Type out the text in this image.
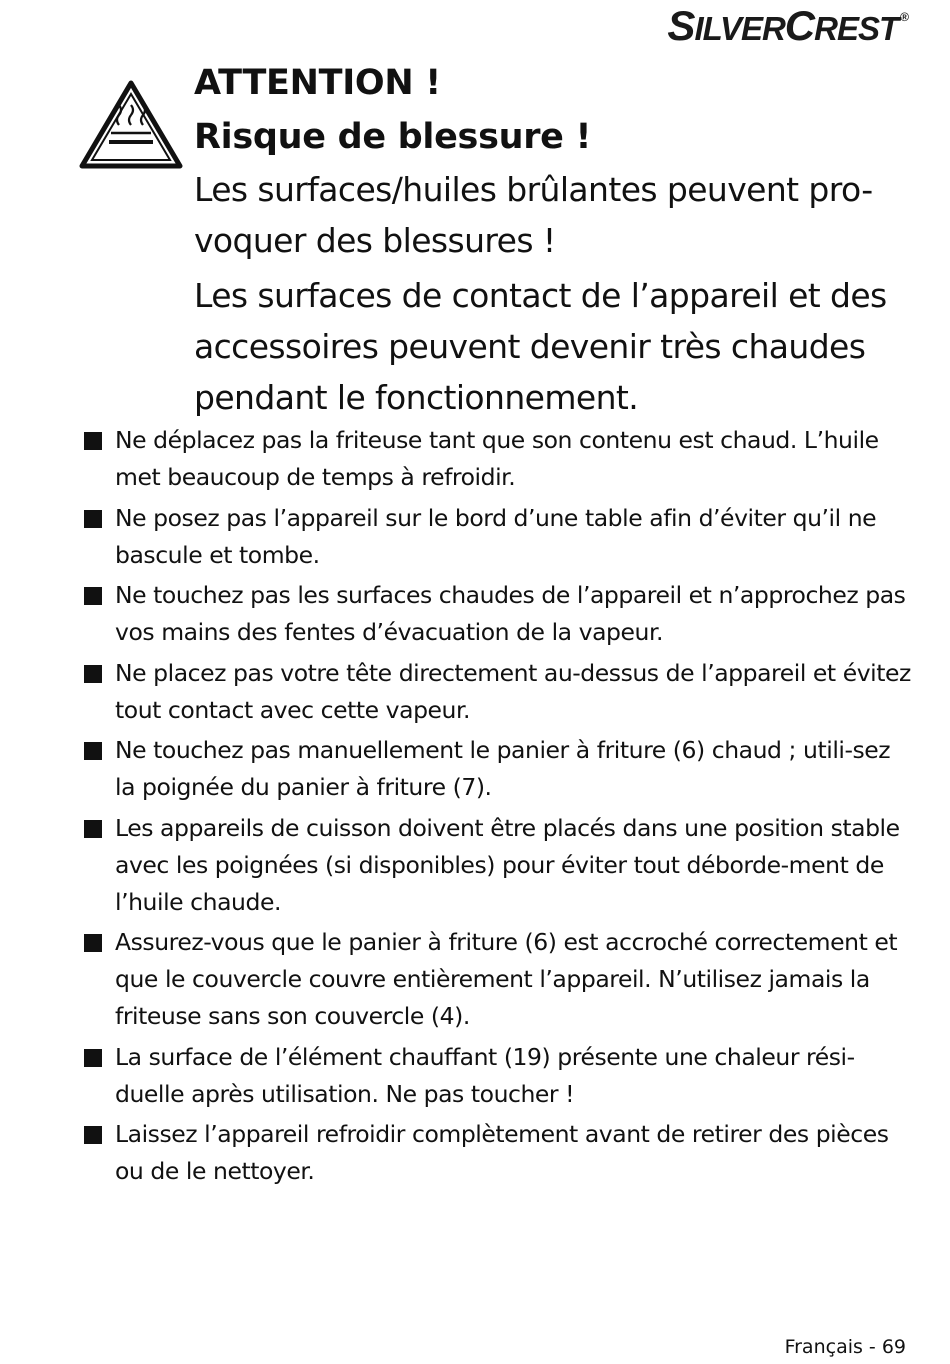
SILVERCREST ®

ATTENTION !

Risque de blessure !

Les surfaces/huiles brûlantes peuvent pro-voquer des blessures !

Les surfaces de contact de l’appareil et des accessoires peuvent devenir très chaudes pendant le fonctionnement.

Ne déplacez pas la friteuse tant que son contenu est chaud. L’huile met beaucoup de temps à refroidir.
Ne posez pas l’appareil sur le bord d’une table afin d’éviter qu’il ne bascule et tombe.
Ne touchez pas les surfaces chaudes de l’appareil et n’approchez pas vos mains des fentes d’évacuation de la vapeur.
Ne placez pas votre tête directement au-dessus de l’appareil et évitez tout contact avec cette vapeur.
Ne touchez pas manuellement le panier à friture (6) chaud ; utili-sez la poignée du panier à friture (7).
Les appareils de cuisson doivent être placés dans une position stable avec les poignées (si disponibles) pour éviter tout déborde-ment de l’huile chaude.
Assurez-vous que le panier à friture (6) est accroché correctement et que le couvercle couvre entièrement l’appareil. N’utilisez jamais la friteuse sans son couvercle (4).
La surface de l’élément chauffant (19) présente une chaleur rési-duelle après utilisation. Ne pas toucher !
Laissez l’appareil refroidir complètement avant de retirer des pièces ou de le nettoyer.
Français - 69
